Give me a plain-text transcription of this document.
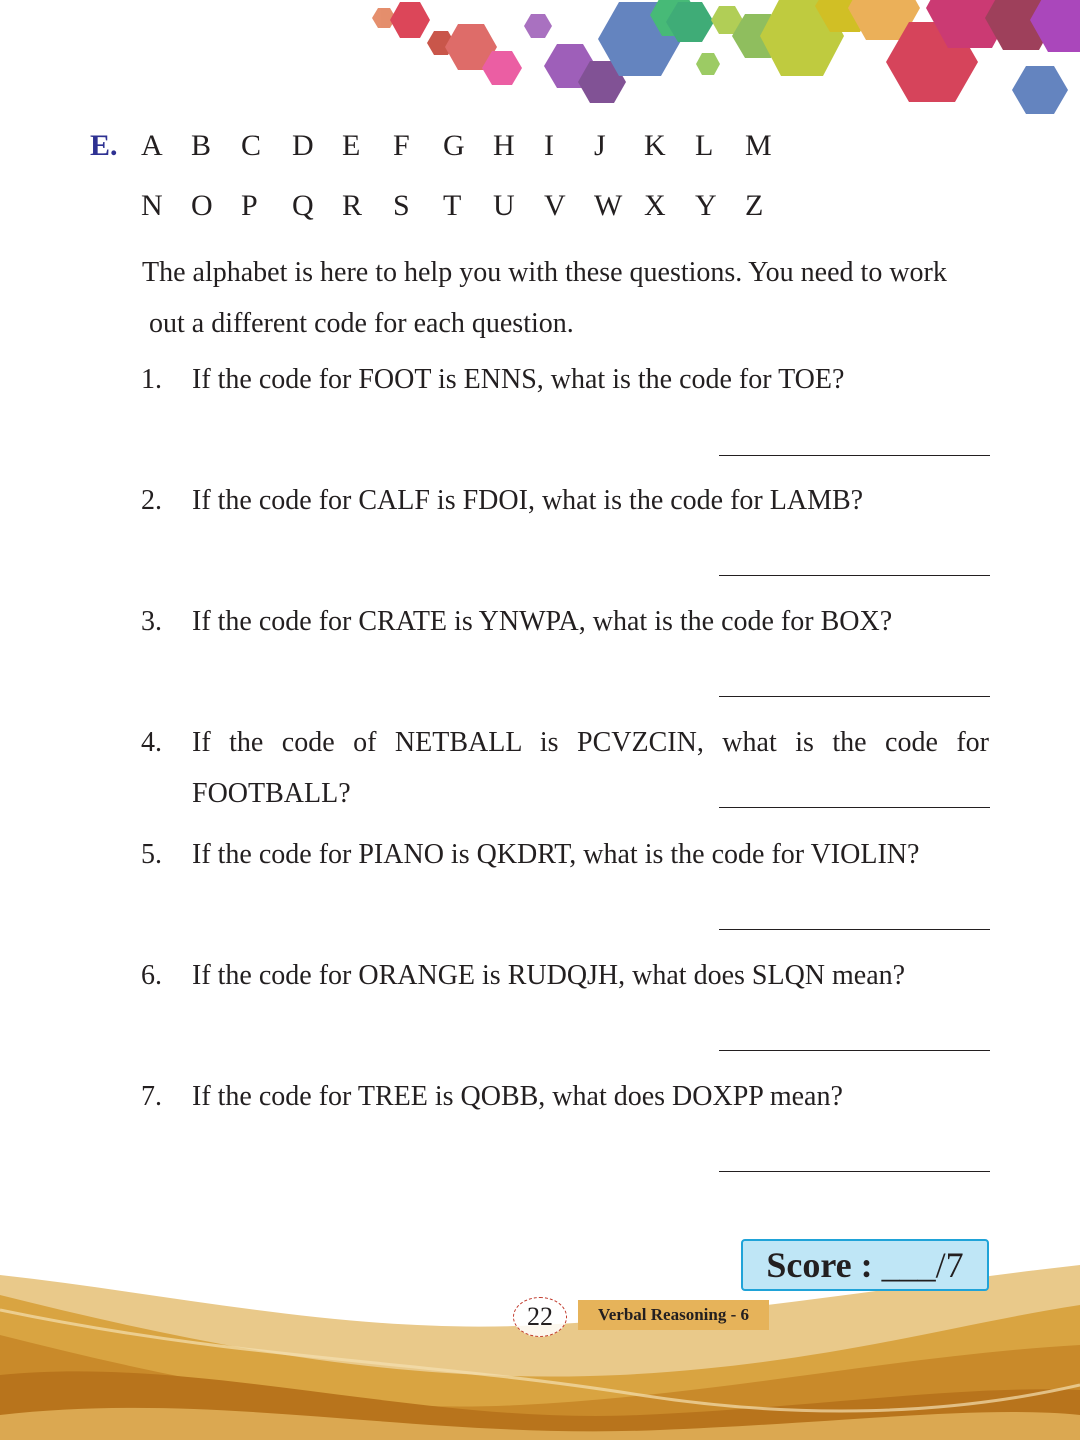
E. A B C	D E	F	G H I	J	K L	M
N O P	Q R	S	T	U V W X Y Z
The alphabet is here to help you with these questions. You need to work
out a different code for each question.
1. If the code for FOOT is ENNS, what is the code for TOE?
2. If the code for CALF is FDOI, what is the code for LAMB?
3. If the code for CRATE is YNWPA, what is the code for BOX?
4. If the code of NETBALL is PCVZCIN, what is the code for
FOOTBALL?
5. If the code for PIANO is QKDRT, what is the code for VIOLIN?
6. If the code for ORANGE is RUDQJH, what does SLQN mean?
7. If the code for TREE is QOBB, what does DOXPP mean?
Score : ___/7
22	Verbal Reasoning - 6
